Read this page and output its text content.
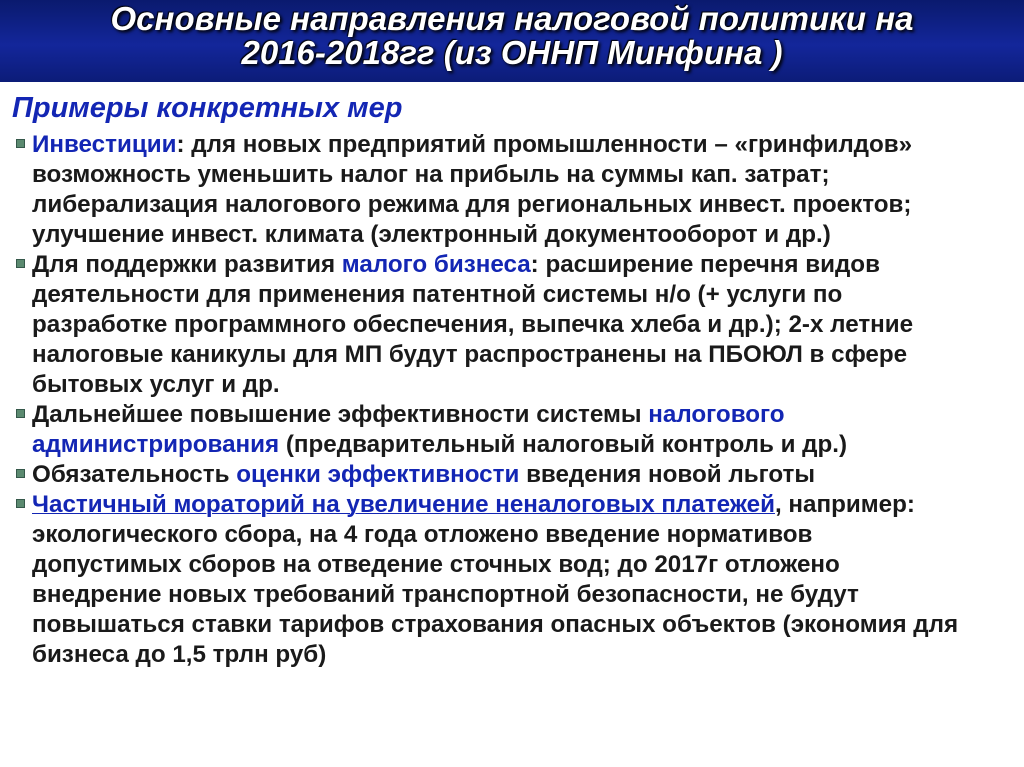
Основные направления налоговой политики на
2016-2018гг (из ОННП Минфина )
Примеры конкретных мер
Инвестиции: для новых предприятий промышленности – «гринфилдов»
возможность уменьшить налог на прибыль на суммы кап. затрат;
либерализация налогового режима для региональных инвест. проектов;
улучшение инвест. климата (электронный документооборот и др.)
Для поддержки развития малого бизнеса: расширение перечня видов
деятельности для применения патентной системы н/о (+ услуги по
разработке программного обеспечения, выпечка хлеба и др.); 2-х летние
налоговые каникулы для МП будут распространены на ПБОЮЛ в сфере
бытовых услуг и др.
Дальнейшее повышение эффективности системы налогового
администрирования (предварительный налоговый контроль и др.)
Обязательность оценки эффективности введения новой льготы
Частичный мораторий на увеличение неналоговых платежей, например:
экологического сбора, на 4 года отложено введение нормативов
допустимых сборов на отведение сточных вод; до 2017г отложено
внедрение новых требований транспортной безопасности, не будут
повышаться ставки тарифов страхования опасных объектов (экономия для
бизнеса до 1,5 трлн руб)
